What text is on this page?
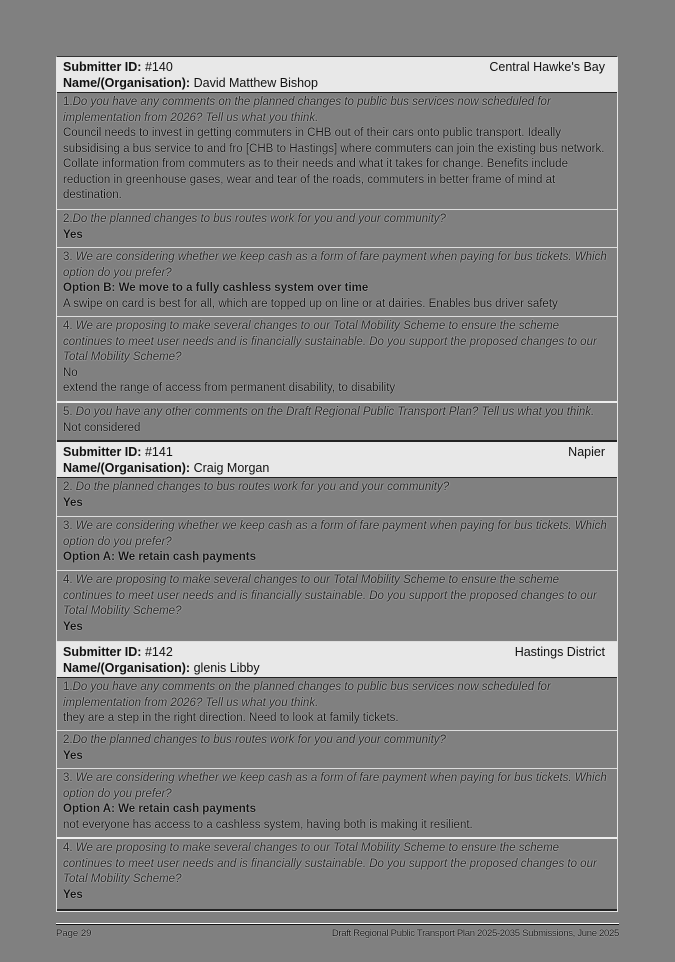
Submitter ID: #140	Central Hawke's Bay
Name/(Organisation): David Matthew Bishop
1.Do you have any comments on the planned changes to public bus services now scheduled for implementation from 2026? Tell us what you think.
Council needs to invest in getting commuters in CHB out of their cars onto public transport. Ideally subsidising a bus service to and fro [CHB to Hastings] where commuters can join the existing bus network. Collate information from commuters as to their needs and what it takes for change. Benefits include reduction in greenhouse gases, wear and tear of the roads, commuters in better frame of mind at destination.
2.Do the planned changes to bus routes work for you and your community?
Yes
3. We are considering whether we keep cash as a form of fare payment when paying for bus tickets. Which option do you prefer?
Option B: We move to a fully cashless system over time
A swipe on card is best for all, which are topped up on line or at dairies. Enables bus driver safety
4. We are proposing to make several changes to our Total Mobility Scheme to ensure the scheme continues to meet user needs and is financially sustainable. Do you support the proposed changes to our Total Mobility Scheme?
No
extend the range of access from permanent disability, to disability
5. Do you have any other comments on the Draft Regional Public Transport Plan? Tell us what you think.
Not considered
Submitter ID: #141	Napier
Name/(Organisation): Craig Morgan
2. Do the planned changes to bus routes work for you and your community?
Yes
3. We are considering whether we keep cash as a form of fare payment when paying for bus tickets. Which option do you prefer?
Option A: We retain cash payments
4. We are proposing to make several changes to our Total Mobility Scheme to ensure the scheme continues to meet user needs and is financially sustainable. Do you support the proposed changes to our Total Mobility Scheme?
Yes
Submitter ID: #142	Hastings District
Name/(Organisation): glenis Libby
1.Do you have any comments on the planned changes to public bus services now scheduled for implementation from 2026? Tell us what you think.
they are a step in the right direction. Need to look at family tickets.
2.Do the planned changes to bus routes work for you and your community?
Yes
3. We are considering whether we keep cash as a form of fare payment when paying for bus tickets. Which option do you prefer?
Option A: We retain cash payments
not everyone has access to a cashless system, having both is making it resilient.
4. We are proposing to make several changes to our Total Mobility Scheme to ensure the scheme continues to meet user needs and is financially sustainable. Do you support the proposed changes to our Total Mobility Scheme?
Yes
Page 29	Draft Regional Public Transport Plan 2025-2035 Submissions, June 2025
